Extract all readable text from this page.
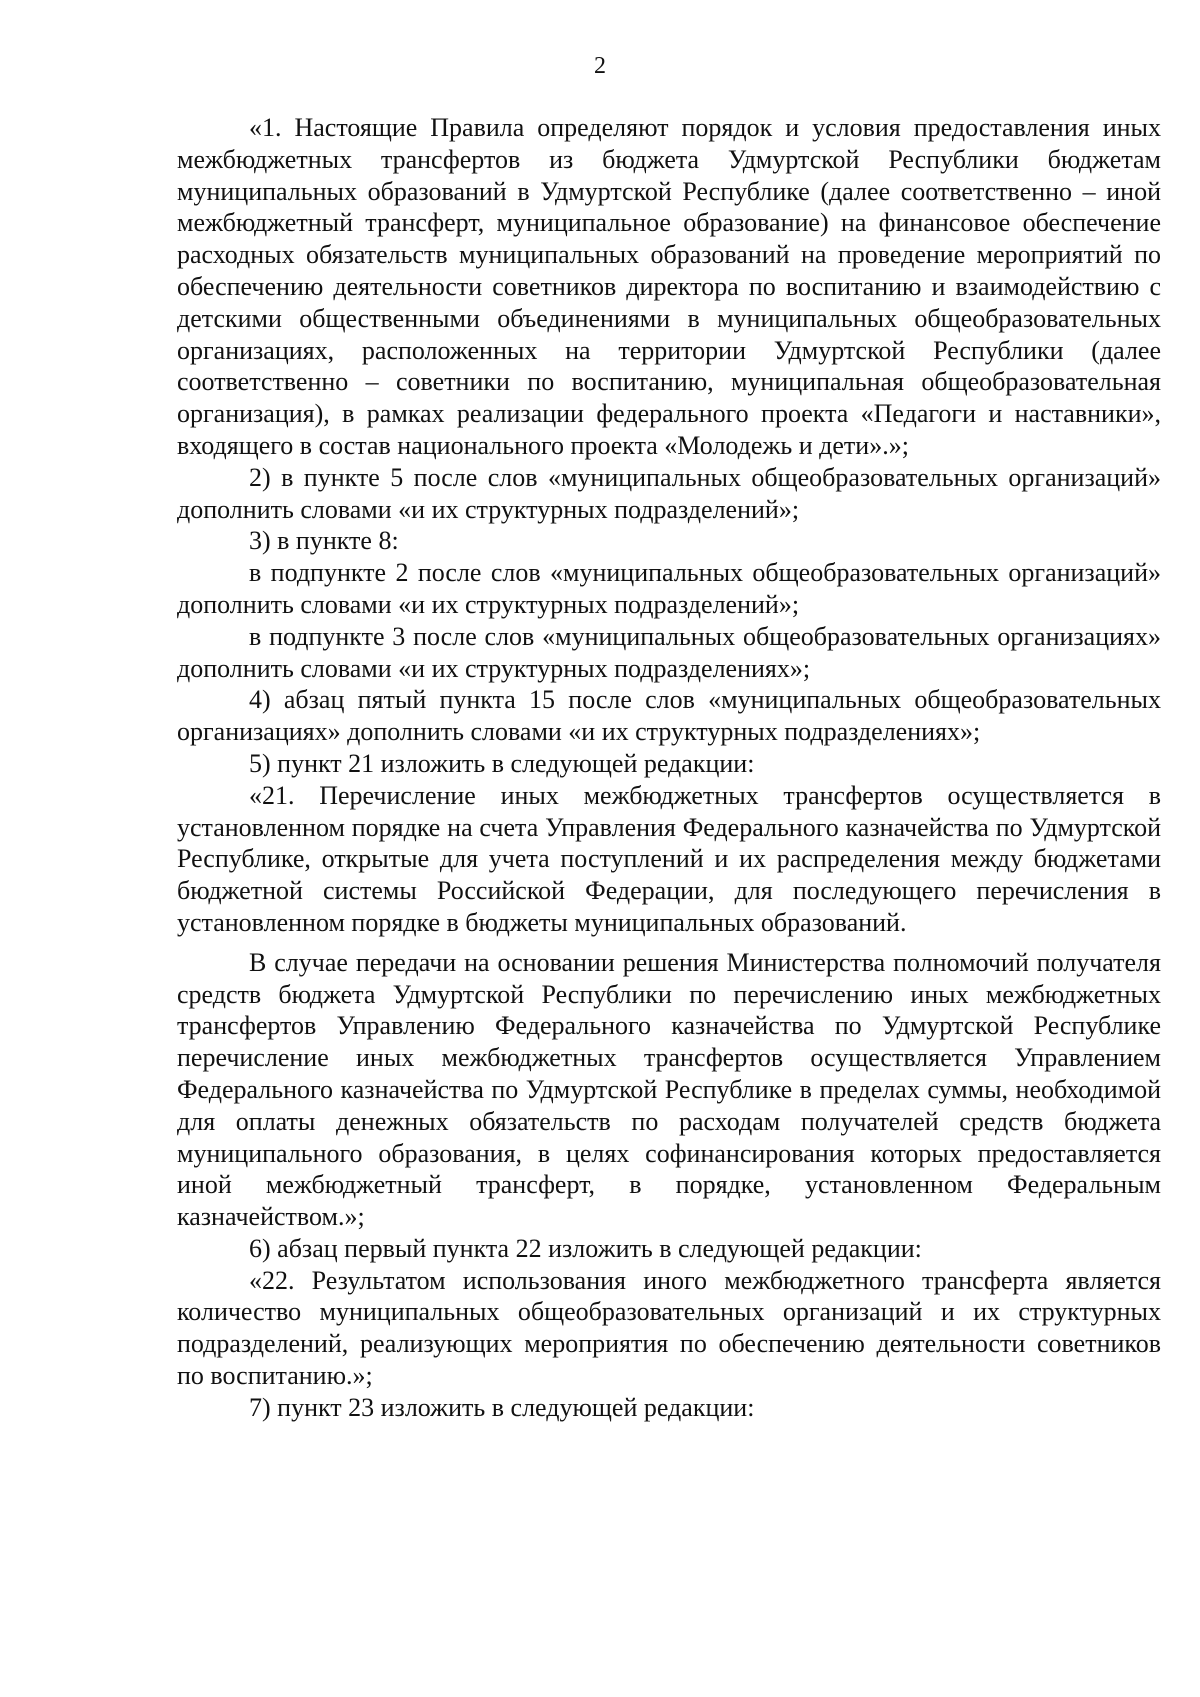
2

«1. Настоящие Правила определяют порядок и условия предоставления иных межбюджетных трансфертов из бюджета Удмуртской Республики бюджетам муниципальных образований в Удмуртской Республике (далее соответственно – иной межбюджетный трансферт, муниципальное образование) на финансовое обеспечение расходных обязательств муниципальных образований на проведение мероприятий по обеспечению деятельности советников директора по воспитанию и взаимодействию с детскими общественными объединениями в муниципальных общеобразовательных организациях, расположенных на территории Удмуртской Республики (далее соответственно – советники по воспитанию, муниципальная общеобразовательная организация), в рамках реализации федерального проекта «Педагоги и наставники», входящего в состав национального проекта «Молодежь и дети».»;

2) в пункте 5 после слов «муниципальных общеобразовательных организаций» дополнить словами «и их структурных подразделений»;

3) в пункте 8:

в подпункте 2 после слов «муниципальных общеобразовательных организаций» дополнить словами «и их структурных подразделений»;

в подпункте 3 после слов «муниципальных общеобразовательных организациях» дополнить словами «и их структурных подразделениях»;

4) абзац пятый пункта 15 после слов «муниципальных общеобразовательных организациях» дополнить словами «и их структурных подразделениях»;

5) пункт 21 изложить в следующей редакции:

«21. Перечисление иных межбюджетных трансфертов осуществляется в установленном порядке на счета Управления Федерального казначейства по Удмуртской Республике, открытые для учета поступлений и их распределения между бюджетами бюджетной системы Российской Федерации, для последующего перечисления в установленном порядке в бюджеты муниципальных образований.

В случае передачи на основании решения Министерства полномочий получателя средств бюджета Удмуртской Республики по перечислению иных межбюджетных трансфертов Управлению Федерального казначейства по Удмуртской Республике перечисление иных межбюджетных трансфертов осуществляется Управлением Федерального казначейства по Удмуртской Республике в пределах суммы, необходимой для оплаты денежных обязательств по расходам получателей средств бюджета муниципального образования, в целях софинансирования которых предоставляется иной межбюджетный трансферт, в порядке, установленном Федеральным казначейством.»;

6) абзац первый пункта 22 изложить в следующей редакции:

«22. Результатом использования иного межбюджетного трансферта является количество муниципальных общеобразовательных организаций и их структурных подразделений, реализующих мероприятия по обеспечению деятельности советников по воспитанию.»;

7) пункт 23 изложить в следующей редакции:
